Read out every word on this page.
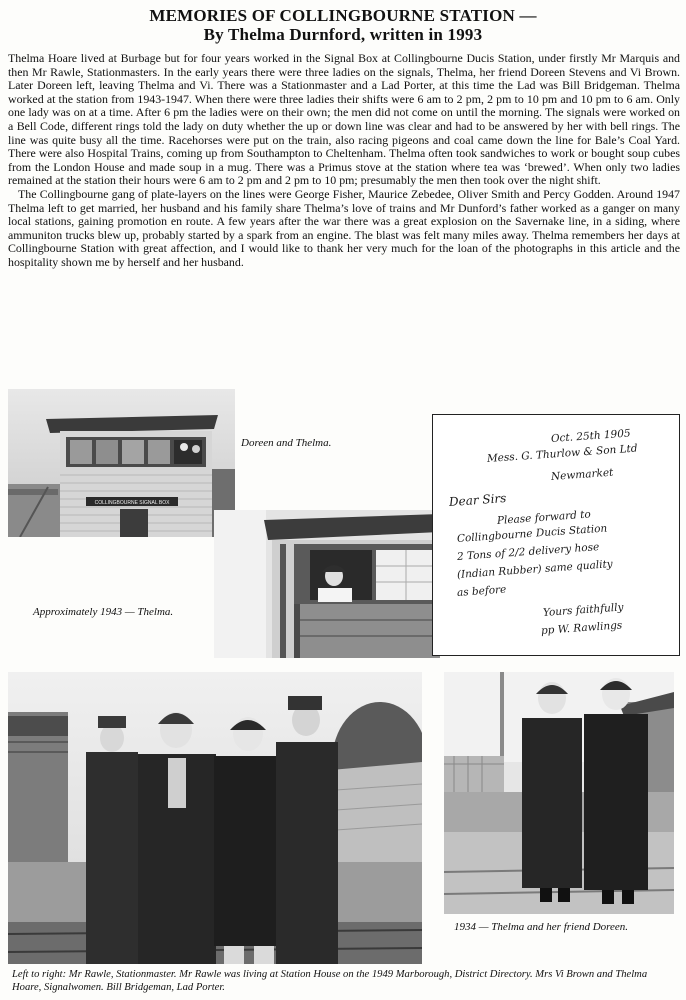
MEMORIES OF COLLINGBOURNE STATION —
By Thelma Durnford, written in 1993

Thelma Hoare lived at Burbage but for four years worked in the Signal Box at Collingbourne Ducis Station, under firstly Mr Marquis and then Mr Rawle, Stationmasters. In the early years there were three ladies on the signals, Thelma, her friend Doreen Stevens and Vi Brown. Later Doreen left, leaving Thelma and Vi. There was a Stationmaster and a Lad Porter, at this time the Lad was Bill Bridgeman. Thelma worked at the station from 1943-1947. When there were three ladies their shifts were 6 am to 2 pm, 2 pm to 10 pm and 10 pm to 6 am. Only one lady was on at a time. After 6 pm the ladies were on their own; the men did not come on until the morning. The signals were worked on a Bell Code, different rings told the lady on duty whether the up or down line was clear and had to be answered by her with bell rings. The line was quite busy all the time. Racehorses were put on the train, also racing pigeons and coal came down the line for Bale’s Coal Yard. There were also Hospital Trains, coming up from Southampton to Cheltenham. Thelma often took sandwiches to work or bought soup cubes from the London House and made soup in a mug. There was a Primus stove at the station where tea was ‘brewed’. When only two ladies remained at the station their hours were 6 am to 2 pm and 2 pm to 10 pm; presumably the men then took over the night shift.

The Collingbourne gang of plate-layers on the lines were George Fisher, Maurice Zebedee, Oliver Smith and Percy Godden. Around 1947 Thelma left to get married, her husband and his family share Thelma’s love of trains and Mr Dunford’s father worked as a ganger on many local stations, gaining promotion en route. A few years after the war there was a great explosion on the Savernake line, in a siding, where ammuniton trucks blew up, probably started by a spark from an engine. The blast was felt many miles away. Thelma remembers her days at Collingbourne Station with great affection, and I would like to thank her very much for the loan of the photographs in this article and the hospitality shown me by herself and her husband.

COLLINGBOURNE SIGNAL BOX
Doreen and Thelma.
Approximately 1943 — Thelma.
Oct. 25th 1905
Mess. G. Thurlow & Son Ltd
Newmarket
Dear Sirs
Please forward to
Collingbourne Ducis Station
2 Tons of 2/2 delivery hose
(Indian Rubber) same quality
as before
Yours faithfully
pp W. Rawlings
1934 — Thelma and her friend Doreen.
Left to right: Mr Rawle, Stationmaster. Mr Rawle was living at Station House on the 1949 Marborough, District Directory. Mrs Vi Brown and Thelma Hoare, Signalwomen. Bill Bridgeman, Lad Porter.
